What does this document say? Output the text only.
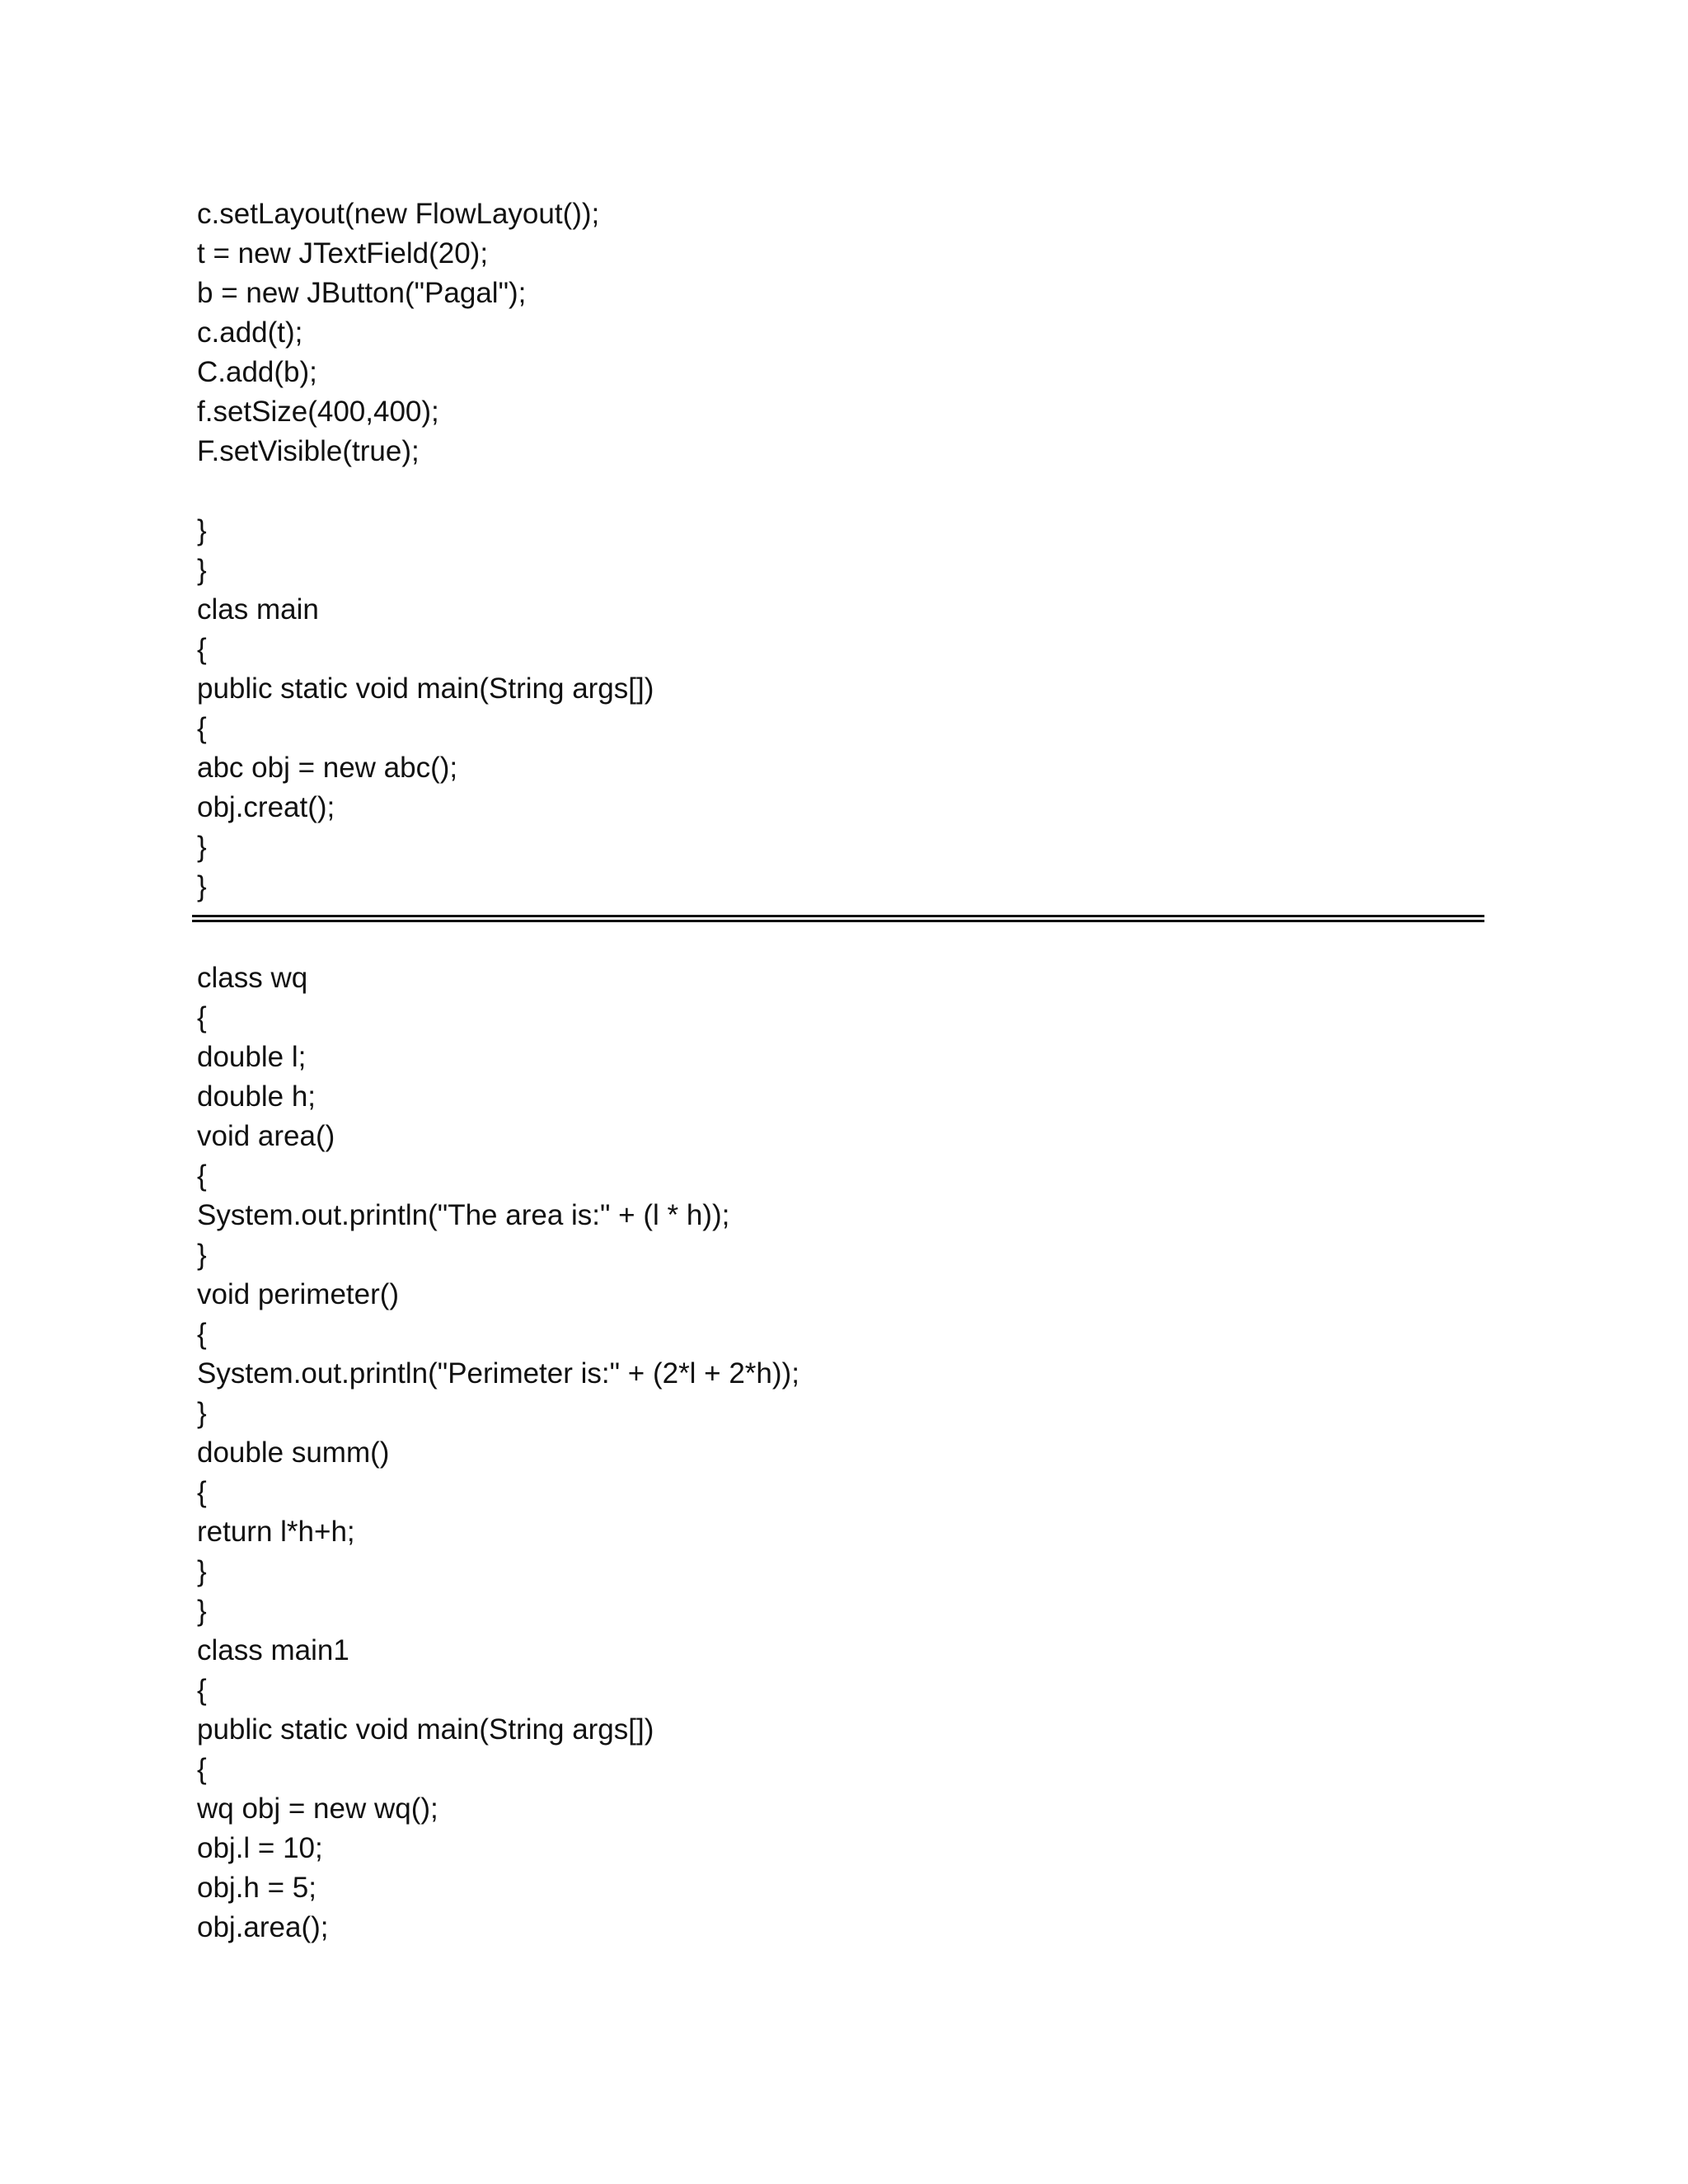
c.setLayout(new FlowLayout());
t = new JTextField(20);
b = new JButton("Pagal");
c.add(t);
C.add(b);
f.setSize(400,400);
F.setVisible(true);
}
}
clas main
{
public static void main(String args[])
{
abc obj = new abc();
obj.creat();
}
}
class wq
{
double l;
double h;
void area()
{
System.out.println("The area is:" + (l * h));
}
void perimeter()
{
System.out.println("Perimeter is:" + (2*l + 2*h));
}
double summ()
{
return l*h+h;
}
}
class main1
{
public static void main(String args[])
{
wq obj = new wq();
obj.l = 10;
obj.h = 5;
obj.area();
